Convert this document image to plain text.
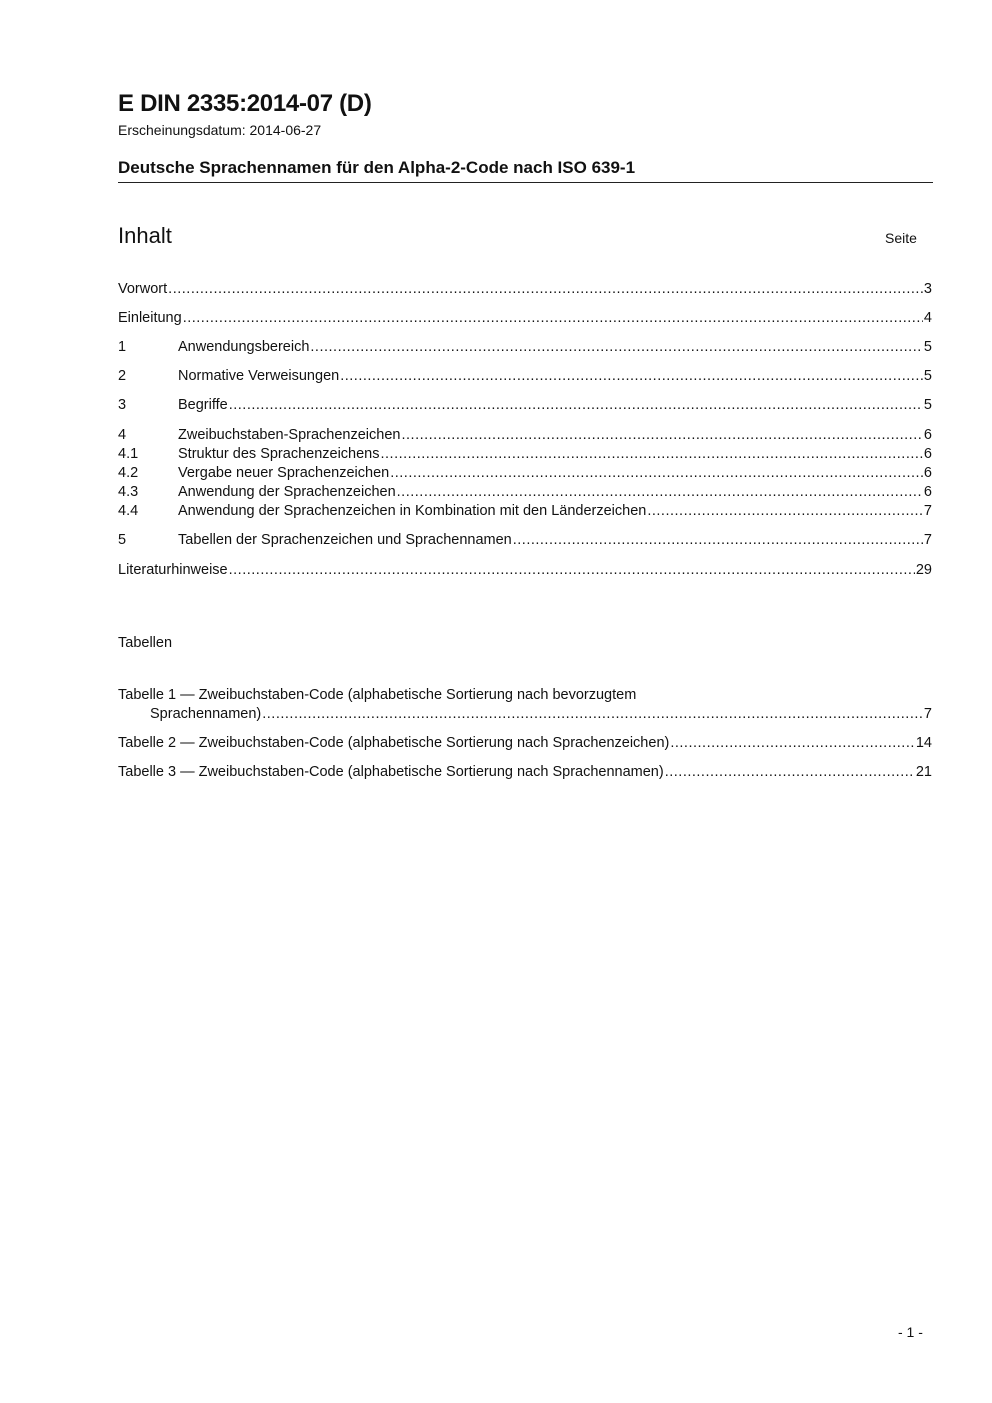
E DIN 2335:2014-07 (D)
Erscheinungsdatum: 2014-06-27
Deutsche Sprachennamen für den Alpha-2-Code nach ISO 639-1
Inhalt	Seite
Vorwort .....	3
Einleitung .....	4
1	Anwendungsbereich .....	5
2	Normative Verweisungen .....	5
3	Begriffe .....	5
4	Zweibuchstaben-Sprachenzeichen .....	6
4.1	Struktur des Sprachenzeichens .....	6
4.2	Vergabe neuer Sprachenzeichen .....	6
4.3	Anwendung der Sprachenzeichen .....	6
4.4	Anwendung der Sprachenzeichen in Kombination mit den Länderzeichen .....	7
5	Tabellen der Sprachenzeichen und Sprachennamen .....	7
Literaturhinweise .....	29
Tabellen
Tabelle 1 — Zweibuchstaben-Code (alphabetische Sortierung nach bevorzugtem
Sprachennamen) .....	7
Tabelle 2 — Zweibuchstaben-Code (alphabetische Sortierung nach Sprachenzeichen) .....	14
Tabelle 3 — Zweibuchstaben-Code (alphabetische Sortierung nach Sprachennamen) .....	21
- 1 -
